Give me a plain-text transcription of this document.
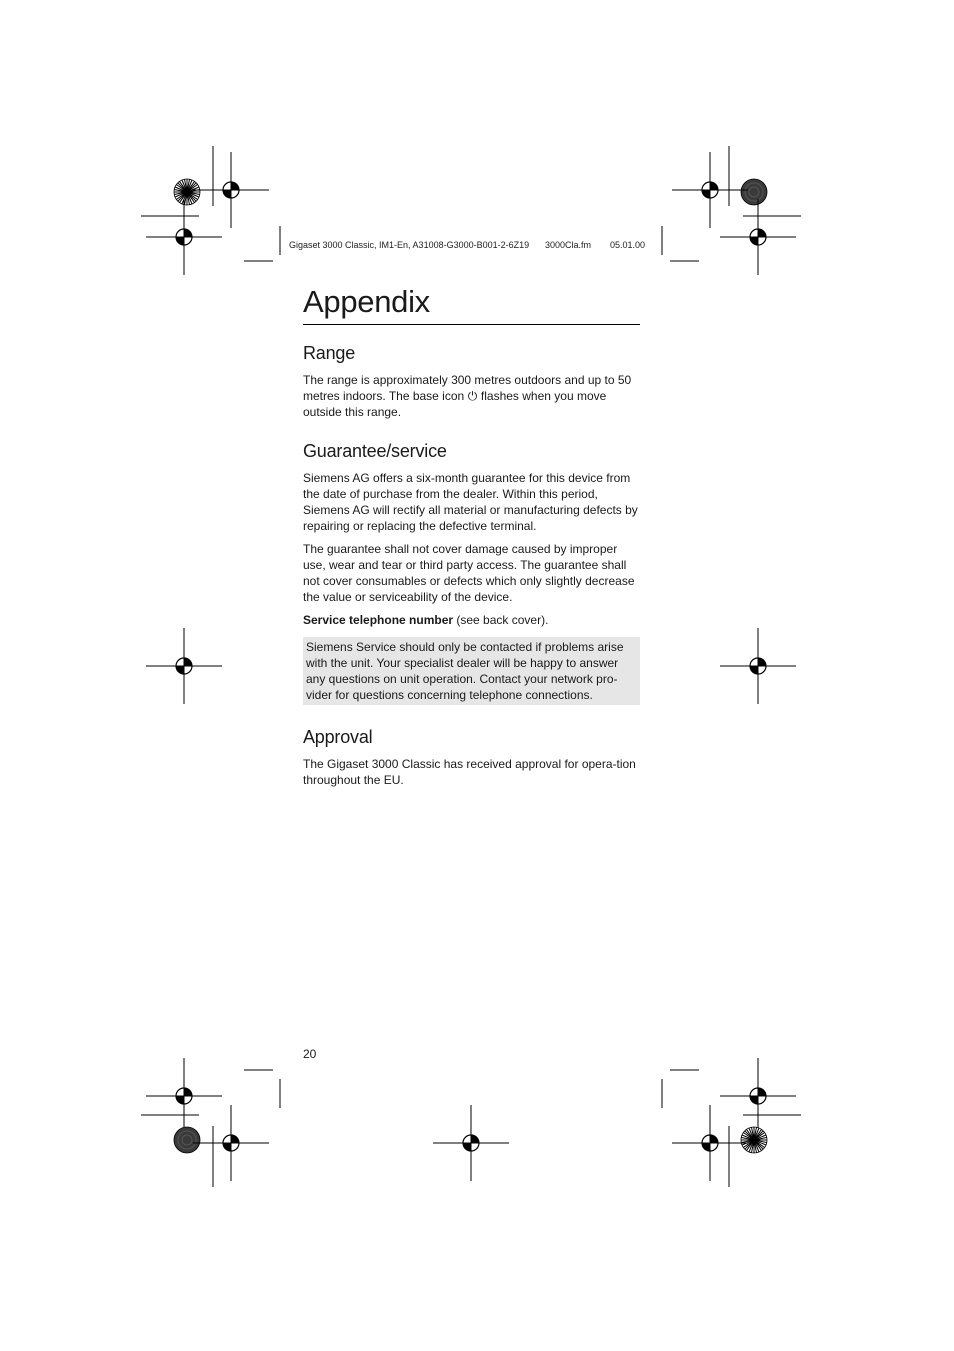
Gigaset 3000 Classic, IM1-En, A31008-G3000-B001-2-6Z19 3000Cla.fm 05.01.00
Appendix
Range

The range is approximately 300 metres outdoors and up to 50 metres indoors. The base icon ⏻ flashes when you move outside this range.

Guarantee/service

Siemens AG offers a six-month guarantee for this device from the date of purchase from the dealer. Within this period, Siemens AG will rectify all material or manufacturing defects by repairing or replacing the defective terminal.

The guarantee shall not cover damage caused by improper use, wear and tear or third party access. The guarantee shall not cover consumables or defects which only slightly decrease the value or serviceability of the device.

Service telephone number (see back cover).

Siemens Service should only be contacted if problems arise with the unit. Your specialist dealer will be happy to answer any questions on unit operation. Contact your network pro-vider for questions concerning telephone connections.
Approval

The Gigaset 3000 Classic has received approval for opera-tion throughout the EU.

20
